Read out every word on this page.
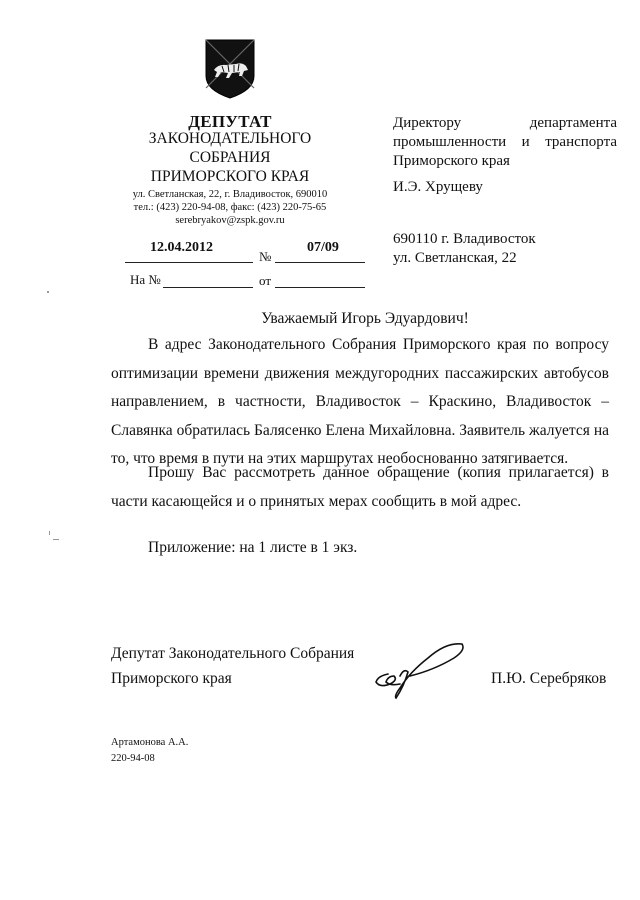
ДЕПУТАТ
ЗАКОНОДАТЕЛЬНОГО
СОБРАНИЯ
ПРИМОРСКОГО КРАЯ
ул. Светланская, 22, г. Владивосток, 690010
тел.: (423) 220-94-08, факс: (423) 220-75-65
serebryakov@zspk.gov.ru
12.04.2012
№
07/09
На №	от
Директору	департамента
промышленности и транспорта
Приморского края
И.Э. Хрущеву
690110 г. Владивосток
ул. Светланская, 22
Уважаемый Игорь Эдуардович!
В адрес Законодательного Собрания Приморского края по вопросу оптимизации времени движения междугородних пассажирских автобусов направлением, в частности, Владивосток – Краскино, Владивосток – Славянка обратилась Балясенко Елена Михайловна. Заявитель жалуется на то, что время в пути на этих маршрутах необоснованно затягивается.
Прошу Вас рассмотреть данное обращение (копия прилагается) в части касающейся и о принятых мерах сообщить в мой адрес.
Приложение: на 1 листе в 1 экз.
Депутат Законодательного Собрания
Приморского края	П.Ю. Серебряков
Артамонова А.А.
220-94-08
